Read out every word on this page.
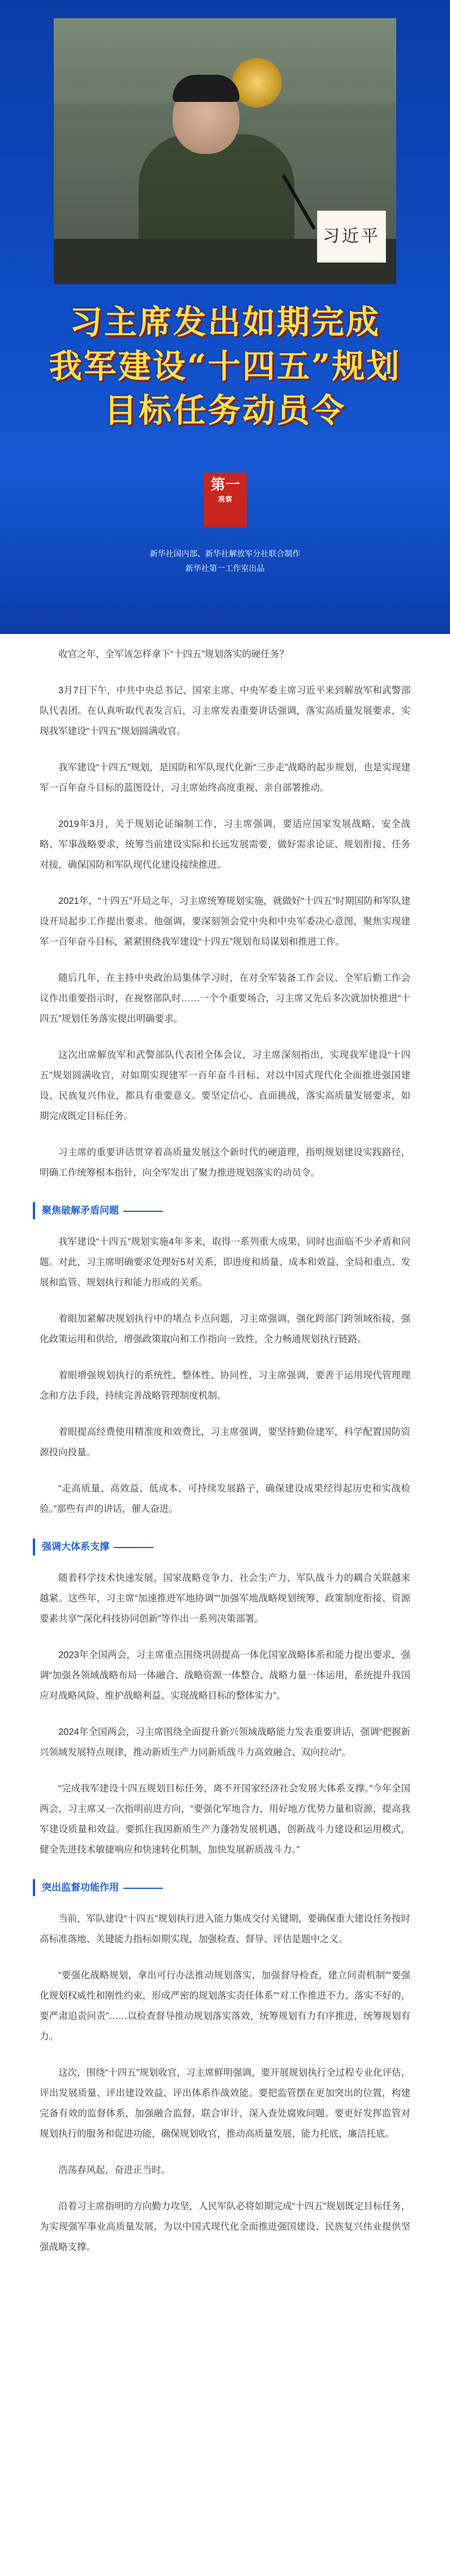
习近平
习主席发出如期完成
我军建设“十四五”规划
目标任务动员令
第一
观察
新华社国内部、新华社解放军分社联合制作
新华社第一工作室出品

收官之年，全军该怎样拿下“十四五”规划落实的硬任务？

3月7日下午，中共中央总书记、国家主席、中央军委主席习近平来到解放军和武警部队代表团。在认真听取代表发言后，习主席发表重要讲话强调，落实高质量发展要求，实现我军建设“十四五”规划圆满收官。

我军建设“十四五”规划，是国防和军队现代化新“三步走”战略的起步规划，也是实现建军一百年奋斗目标的蓝图设计，习主席始终高度重视、亲自部署推动。

2019年3月，关于规划论证编制工作，习主席强调，要适应国家发展战略、安全战略、军事战略要求，统筹当前建设实际和长远发展需要，做好需求论证、规划衔接、任务对接，确保国防和军队现代化建设接续推进。

2021年，“十四五”开局之年，习主席统筹规划实施，就做好“十四五”时期国防和军队建设开局起步工作提出要求。他强调，要深刻领会党中央和中央军委决心意图，聚焦实现建军一百年奋斗目标，紧紧围绕我军建设“十四五”规划布局谋划和推进工作。

随后几年，在主持中央政治局集体学习时，在对全军装备工作会议、全军后勤工作会议作出重要指示时，在视察部队时……一个个重要场合，习主席又先后多次就加快推进“十四五”规划任务落实提出明确要求。

这次出席解放军和武警部队代表团全体会议，习主席深刻指出，实现我军建设“十四五”规划圆满收官，对如期实现建军一百年奋斗目标、对以中国式现代化全面推进强国建设、民族复兴伟业，都具有重要意义。要坚定信心、直面挑战，落实高质量发展要求，如期完成既定目标任务。

习主席的重要讲话贯穿着高质量发展这个新时代的硬道理，指明规划建设实践路径，明确工作统筹根本指针，向全军发出了聚力推进规划落实的动员令。

聚焦破解矛盾问题

我军建设“十四五”规划实施4年多来，取得一系列重大成果，同时也面临不少矛盾和问题。对此，习主席明确要求处理好5对关系，即进度和质量、成本和效益、全局和重点、发展和监管、规划执行和能力形成的关系。

着眼加紧解决规划执行中的堵点卡点问题，习主席强调，强化跨部门跨领域衔接，强化政策运用和供给，增强政策取向和工作指向一致性，全力畅通规划执行链路。

着眼增强规划执行的系统性、整体性、协同性，习主席强调，要善于运用现代管理理念和方法手段，持续完善战略管理制度机制。

着眼提高经费使用精准度和效费比，习主席强调，要坚持勤俭建军，科学配置国防资源投向投量。

“走高质量、高效益、低成本、可持续发展路子，确保建设成果经得起历史和实战检验。”那些有声的讲话，催人奋进。

强调大体系支撑

随着科学技术快速发展，国家战略竞争力、社会生产力、军队战斗力的耦合关联越来越紧。这些年，习主席“加速推进军地协调”“加强军地战略规划统筹、政策制度衔接、资源要素共享”“深化科技协同创新”等作出一系列决策部署。

2023年全国两会，习主席重点围绕巩固提高一体化国家战略体系和能力提出要求，强调“加强各领域战略布局一体融合、战略资源一体整合、战略力量一体运用，系统提升我国应对战略风险、维护战略利益、实现战略目标的整体实力”。

2024年全国两会，习主席围绕全面提升新兴领域战略能力发表重要讲话，强调“把握新兴领域发展特点规律，推动新质生产力同新质战斗力高效融合、双向拉动”。

“完成我军建设十四五规划目标任务，离不开国家经济社会发展大体系支撑。”今年全国两会，习主席又一次指明前进方向，“要强化军地合力，用好地方优势力量和资源，提高我军建设质量和效益。要抓住我国新质生产力蓬勃发展机遇，创新战斗力建设和运用模式，健全先进技术敏捷响应和快速转化机制，加快发展新质战斗力。”

突出监督功能作用

当前，军队建设“十四五”规划执行进入能力集成交付关键期，要确保重大建设任务按时高标准落地、关键能力指标如期实现，加强检查、督导、评估是题中之义。

“要强化战略规划，拿出可行办法推动规划落实，加强督导检查，建立问责机制”“要强化规划权威性和刚性约束，形成严密的规划落实责任体系”“对工作推进不力、落实不好的，要严肃追责问责”……以检查督导推动规划落实落效，统筹规划有力有序推进，统筹规划有力。

这次，围绕“十四五”规划收官，习主席鲜明强调，要开展规划执行全过程专业化评估，评出发展质量、评出建设效益、评出体系作战效能。要把监管摆在更加突出的位置，构建完备有效的监督体系，加强融合监督，联合审计，深入查处腐败问题。要更好发挥监管对规划执行的服务和促进功能，确保规划收官，推动高质量发展，能力托底，廉洁托底。

浩荡春风起，奋进正当时。

沿着习主席指明的方向勤力攻坚，人民军队必将如期完成“十四五”规划既定目标任务，为实现强军事业高质量发展，为以中国式现代化全面推进强国建设、民族复兴伟业提供坚强战略支撑。
